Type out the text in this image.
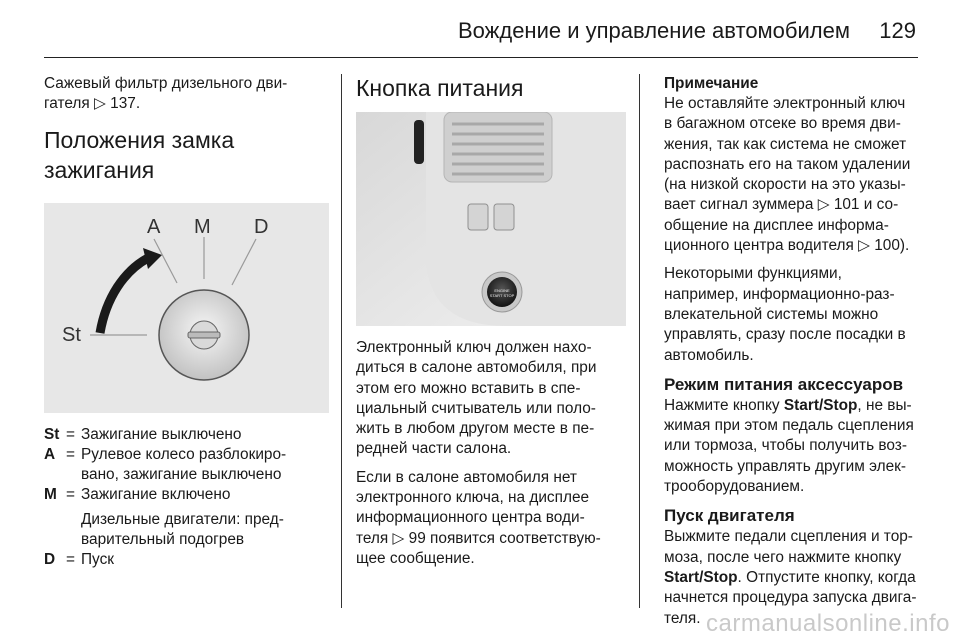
Вождение и управление автомобилем 129

Сажевый фильтр дизельного дви-
гателя ▷ 137.

Положения замка
зажигания
A M D
St
St = Зажигание выключено
A = Рулевое колесо разблокиро-
вано, зажигание выключено
M = Зажигание включено
Дизельные двигатели: пред-
варительный подогрев
D = Пуск
Кнопка питания
ENGINE
START STOP

Электронный ключ должен нахо-
диться в салоне автомобиля, при
этом его можно вставить в спе-
циальный считыватель или поло-
жить в любом другом месте в пе-
редней части салона.

Если в салоне автомобиля нет
электронного ключа, на дисплее
информационного центра води-
теля ▷ 99 появится соответствую-
щее сообщение.

Примечание

Не оставляйте электронный ключ
в багажном отсеке во время дви-
жения, так как система не сможет
распознать его на таком удалении
(на низкой скорости на это указы-
вает сигнал зуммера ▷ 101 и со-
общение на дисплее информа-
ционного центра водителя ▷ 100).

Некоторыми функциями,
например, информационно-раз-
влекательной системы можно
управлять, сразу после посадки в
автомобиль.

Режим питания аксессуаров

Нажмите кнопку Start/Stop, не вы-
жимая при этом педаль сцепления
или тормоза, чтобы получить воз-
можность управлять другим элек-
трооборудованием.

Пуск двигателя

Выжмите педали сцепления и тор-
моза, после чего нажмите кнопку
Start/Stop. Отпустите кнопку, когда
начнется процедура запуска двига-
теля. carmanualsonline.info
